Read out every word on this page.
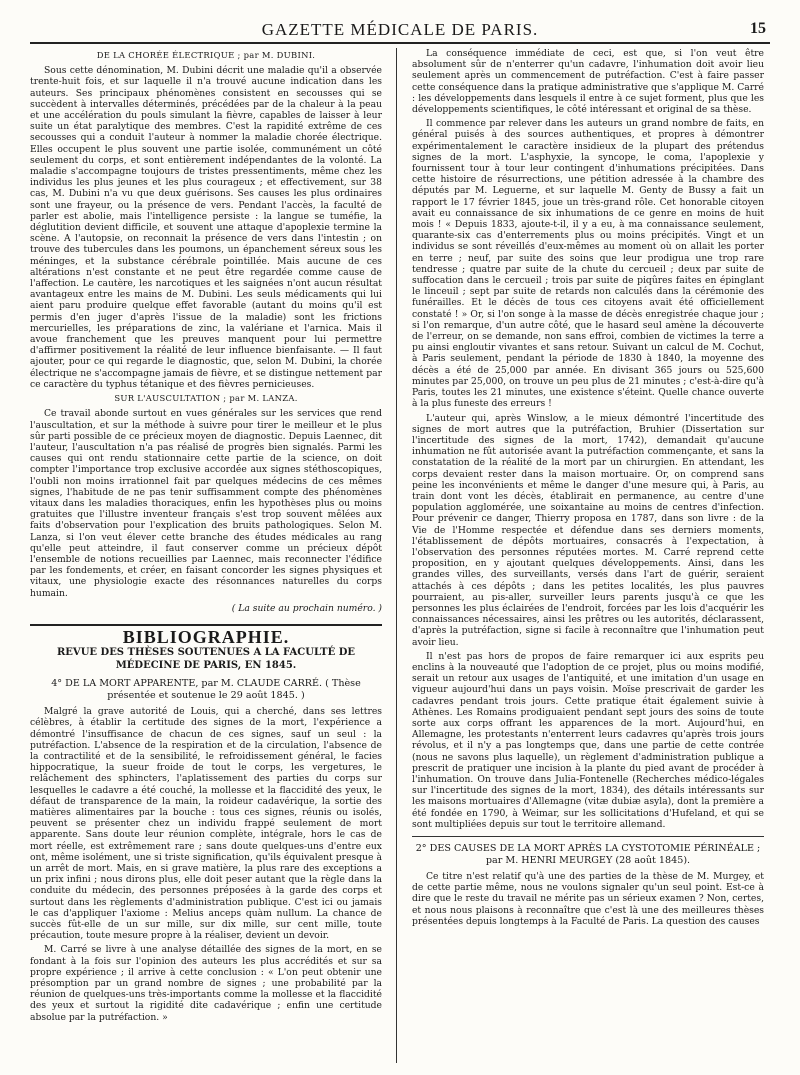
GAZETTE MÉDICALE DE PARIS.	15
DE LA CHORÉE ÉLECTRIQUE ; par M. DUBINI.

Sous cette dénomination, M. Dubini décrit une maladie qu'il a observée trente-huit fois, et sur laquelle il n'a trouvé aucune indication dans les auteurs. Ses principaux phénomènes consistent en secousses qui se succèdent à intervalles déterminés, précédées par de la chaleur à la peau et une accélération du pouls simulant la fièvre, capables de laisser à leur suite un état paralytique des membres. C'est la rapidité extrême de ces secousses qui a conduit l'auteur à nommer la maladie chorée électrique. Elles occupent le plus souvent une partie isolée, communément un côté seulement du corps, et sont entièrement indépendantes de la volonté. La maladie s'accompagne toujours de tristes pressentiments, même chez les individus les plus jeunes et les plus courageux ; et effectivement, sur 38 cas, M. Dubini n'a vu que deux guérisons. Ses causes les plus ordinaires sont une frayeur, ou la présence de vers. Pendant l'accès, la faculté de parler est abolie, mais l'intelligence persiste : la langue se tuméfie, la déglutition devient difficile, et souvent une attaque d'apoplexie termine la scène. A l'autopsie, on reconnait la présence de vers dans l'intestin ; on trouve des tubercules dans les poumons, un épanchement séreux sous les méninges, et la substance cérébrale pointillée. Mais aucune de ces altérations n'est constante et ne peut être regardée comme cause de l'affection. Le cautère, les narcotiques et les saignées n'ont aucun résultat avantageux entre les mains de M. Dubini. Les seuls médicaments qui lui aient paru produire quelque effet favorable (autant du moins qu'il est permis d'en juger d'après l'issue de la maladie) sont les frictions mercurielles, les préparations de zinc, la valériane et l'arnica. Mais il avoue franchement que les preuves manquent pour lui permettre d'affirmer positivement la réalité de leur influence bienfaisante. — Il faut ajouter, pour ce qui regarde le diagnostic, que, selon M. Dubini, la chorée électrique ne s'accompagne jamais de fièvre, et se distingue nettement par ce caractère du typhus tétanique et des fièvres pernicieuses.

SUR L'AUSCULTATION ; par M. LANZA.

Ce travail abonde surtout en vues générales sur les services que rend l'auscultation, et sur la méthode à suivre pour tirer le meilleur et le plus sûr parti possible de ce précieux moyen de diagnostic. Depuis Laennec, dit l'auteur, l'auscultation n'a pas réalisé de progrès bien signalés. Parmi les causes qui ont rendu stationnaire cette partie de la science, on doit compter l'importance trop exclusive accordée aux signes stéthoscopiques, l'oubli non moins irrationnel fait par quelques médecins de ces mêmes signes, l'habitude de ne pas tenir suffisamment compte des phénomènes vitaux dans les maladies thoraciques, enfin les hypothèses plus ou moins gratuites que l'illustre inventeur français s'est trop souvent mêlées aux faits d'observation pour l'explication des bruits pathologiques. Selon M. Lanza, si l'on veut élever cette branche des études médicales au rang qu'elle peut atteindre, il faut conserver comme un précieux dépôt l'ensemble de notions recueillies par Laennec, mais reconnecter l'édifice par les fondements, et créer, en faisant concorder les signes physiques et vitaux, une physiologie exacte des résonnances naturelles du corps humain.

( La suite au prochain numéro. )
BIBLIOGRAPHIE.
REVUE DES THÈSES SOUTENUES A LA FACULTÉ DE MÉDECINE DE PARIS, EN 1845.
4° DE LA MORT APPARENTE, par M. CLAUDE CARRÉ. ( Thèse présentée et soutenue le 29 août 1845. )

Malgré la grave autorité de Louis, qui a cherché, dans ses lettres célèbres, à établir la certitude des signes de la mort, l'expérience a démontré l'insuffisance de chacun de ces signes, sauf un seul : la putréfaction. L'absence de la respiration et de la circulation, l'absence de la contractilité et de la sensibilité, le refroidissement général, le facies hippocratique, la sueur froide de tout le corps, les vergetures, le relâchement des sphincters, l'aplatissement des parties du corps sur lesquelles le cadavre a été couché, la mollesse et la flaccidité des yeux, le défaut de transparence de la main, la roideur cadavérique, la sortie des matières alimentaires par la bouche : tous ces signes, réunis ou isolés, peuvent se présenter chez un individu frappé seulement de mort apparente. Sans doute leur réunion complète, intégrale, hors le cas de mort réelle, est extrêmement rare ; sans doute quelques-uns d'entre eux ont, même isolément, une si triste signification, qu'ils équivalent presque à un arrêt de mort. Mais, en si grave matière, la plus rare des exceptions a un prix infini ; nous dirons plus, elle doit peser autant que la règle dans la conduite du médecin, des personnes préposées à la garde des corps et surtout dans les règlements d'administration publique. C'est ici ou jamais le cas d'appliquer l'axiome : Melius anceps quàm nullum. La chance de succès fût-elle de un sur mille, sur dix mille, sur cent mille, toute précaution, toute mesure propre à la réaliser, devient un devoir.

M. Carré se livre à une analyse détaillée des signes de la mort, en se fondant à la fois sur l'opinion des auteurs les plus accrédités et sur sa propre expérience ; il arrive à cette conclusion : « L'on peut obtenir une présomption par un grand nombre de signes ; une probabilité par la réunion de quelques-uns très-importants comme la mollesse et la flaccidité des yeux et surtout la rigidité dite cadavérique ; enfin une certitude absolue par la putréfaction. »

La conséquence immédiate de ceci, est que, si l'on veut être absolument sûr de n'enterrer qu'un cadavre, l'inhumation doit avoir lieu seulement après un commencement de putréfaction. C'est à faire passer cette conséquence dans la pratique administrative que s'applique M. Carré : les développements dans lesquels il entre à ce sujet forment, plus que les développements scientifiques, le côté intéressant et original de sa thèse.

Il commence par relever dans les auteurs un grand nombre de faits, en général puisés à des sources authentiques, et propres à démontrer expérimentalement le caractère insidieux de la plupart des prétendus signes de la mort. L'asphyxie, la syncope, le coma, l'apoplexie y fournissent tour à tour leur contingent d'inhumations précipitées. Dans cette histoire de résurrections, une pétition adressée à la chambre des députés par M. Leguerne, et sur laquelle M. Genty de Bussy a fait un rapport le 17 février 1845, joue un très-grand rôle. Cet honorable citoyen avait eu connaissance de six inhumations de ce genre en moins de huit mois ! « Depuis 1833, ajoute-t-il, il y a eu, à ma connaissance seulement, quarante-six cas d'enterrements plus ou moins précipités. Vingt et un individus se sont réveillés d'eux-mêmes au moment où on allait les porter en terre ; neuf, par suite des soins que leur prodigua une trop rare tendresse ; quatre par suite de la chute du cercueil ; deux par suite de suffocation dans le cercueil ; trois par suite de piqûres faites en épinglant le linceuil ; sept par suite de retards non calculés dans la cérémonie des funérailles. Et le décès de tous ces citoyens avait été officiellement constaté ! » Or, si l'on songe à la masse de décès enregistrée chaque jour ; si l'on remarque, d'un autre côté, que le hasard seul amène la découverte de l'erreur, on se demande, non sans effroi, combien de victimes la terre a pu ainsi engloutir vivantes et sans retour. Suivant un calcul de M. Cochut, à Paris seulement, pendant la période de 1830 à 1840, la moyenne des décès a été de 25,000 par année. En divisant 365 jours ou 525,600 minutes par 25,000, on trouve un peu plus de 21 minutes ; c'est-à-dire qu'à Paris, toutes les 21 minutes, une existence s'éteint. Quelle chance ouverte à la plus funeste des erreurs !

L'auteur qui, après Winslow, a le mieux démontré l'incertitude des signes de mort autres que la putréfaction, Bruhier (Dissertation sur l'incertitude des signes de la mort, 1742), demandait qu'aucune inhumation ne fût autorisée avant la putréfaction commençante, et sans la constatation de la réalité de la mort par un chirurgien. En attendant, les corps devaient rester dans la maison mortuaire. Or, on comprend sans peine les inconvénients et même le danger d'une mesure qui, à Paris, au train dont vont les décès, établirait en permanence, au centre d'une population agglomérée, une soixantaine au moins de centres d'infection. Pour prévenir ce danger, Thierry proposa en 1787, dans son livre : de la Vie de l'Homme respectée et défendue dans ses derniers moments, l'établissement de dépôts mortuaires, consacrés à l'expectation, à l'observation des personnes réputées mortes. M. Carré reprend cette proposition, en y ajoutant quelques développements. Ainsi, dans les grandes villes, des surveillants, versés dans l'art de guérir, seraient attachés à ces dépôts ; dans les petites localités, les plus pauvres pourraient, au pis-aller, surveiller leurs parents jusqu'à ce que les personnes les plus éclairées de l'endroit, forcées par les lois d'acquérir les connaissances nécessaires, ainsi les prêtres ou les autorités, déclarassent, d'après la putréfaction, signe si facile à reconnaître que l'inhumation peut avoir lieu.

Il n'est pas hors de propos de faire remarquer ici aux esprits peu enclins à la nouveauté que l'adoption de ce projet, plus ou moins modifié, serait un retour aux usages de l'antiquité, et une imitation d'un usage en vigueur aujourd'hui dans un pays voisin. Moïse prescrivait de garder les cadavres pendant trois jours. Cette pratique était également suivie à Athènes. Les Romains prodiguaient pendant sept jours des soins de toute sorte aux corps offrant les apparences de la mort. Aujourd'hui, en Allemagne, les protestants n'enterrent leurs cadavres qu'après trois jours révolus, et il n'y a pas longtemps que, dans une partie de cette contrée (nous ne savons plus laquelle), un règlement d'administration publique a prescrit de pratiquer une incision à la plante du pied avant de procéder à l'inhumation. On trouve dans Julia-Fontenelle (Recherches médico-légales sur l'incertitude des signes de la mort, 1834), des détails intéressants sur les maisons mortuaires d'Allemagne (vitæ dubiæ asyla), dont la première a été fondée en 1790, à Weimar, sur les sollicitations d'Hufeland, et qui se sont multipliées depuis sur tout le territoire allemand.

2° DES CAUSES DE LA MORT APRÈS LA CYSTOTOMIE PÉRINÉALE ; par M. HENRI MEURGEY (28 août 1845).

Ce titre n'est relatif qu'à une des parties de la thèse de M. Murgey, et de cette partie même, nous ne voulons signaler qu'un seul point. Est-ce à dire que le reste du travail ne mérite pas un sérieux examen ? Non, certes, et nous nous plaisons à reconnaître que c'est là une des meilleures thèses présentées depuis longtemps à la Faculté de Paris. La question des causes
